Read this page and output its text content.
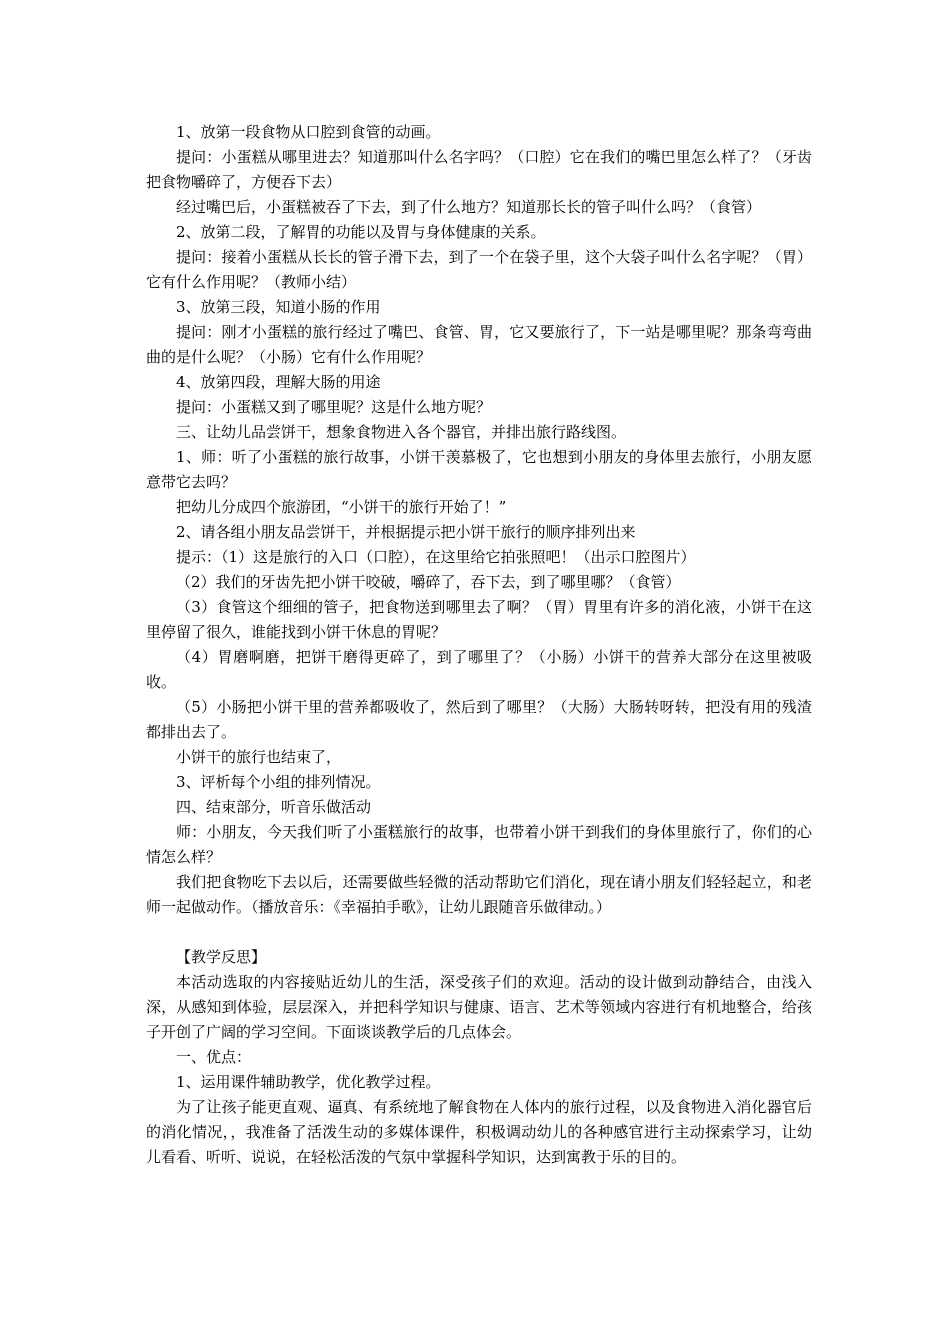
1、放第一段食物从口腔到食管的动画。

提问：小蛋糕从哪里进去？知道那叫什么名字吗？（口腔）它在我们的嘴巴里怎么样了？（牙齿把食物嚼碎了，方便吞下去）

经过嘴巴后，小蛋糕被吞了下去，到了什么地方？知道那长长的管子叫什么吗？（食管）

2、放第二段，了解胃的功能以及胃与身体健康的关系。

提问：接着小蛋糕从长长的管子滑下去，到了一个在袋子里，这个大袋子叫什么名字呢？（胃）它有什么作用呢？（教师小结）

3、放第三段，知道小肠的作用

提问：刚才小蛋糕的旅行经过了嘴巴、食管、胃，它又要旅行了，下一站是哪里呢？那条弯弯曲曲的是什么呢？（小肠）它有什么作用呢？

4、放第四段，理解大肠的用途

提问：小蛋糕又到了哪里呢？这是什么地方呢？

三、让幼儿品尝饼干，想象食物进入各个器官，并排出旅行路线图。

1、师：听了小蛋糕的旅行故事，小饼干羡慕极了，它也想到小朋友的身体里去旅行，小朋友愿意带它去吗？

把幼儿分成四个旅游团，“小饼干的旅行开始了！”

2、请各组小朋友品尝饼干，并根据提示把小饼干旅行的顺序排列出来

提示：（1）这是旅行的入口（口腔），在这里给它拍张照吧！（出示口腔图片）

（2）我们的牙齿先把小饼干咬破，嚼碎了，吞下去，到了哪里哪？（食管）

（3）食管这个细细的管子，把食物送到哪里去了啊？（胃）胃里有许多的消化液，小饼干在这里停留了很久，谁能找到小饼干休息的胃呢？

（4）胃磨啊磨，把饼干磨得更碎了，到了哪里了？（小肠）小饼干的营养大部分在这里被吸收。

（5）小肠把小饼干里的营养都吸收了，然后到了哪里？（大肠）大肠转呀转，把没有用的残渣都排出去了。

小饼干的旅行也结束了，

3、评析每个小组的排列情况。

四、结束部分，听音乐做活动

师：小朋友，今天我们听了小蛋糕旅行的故事，也带着小饼干到我们的身体里旅行了，你们的心情怎么样？

我们把食物吃下去以后，还需要做些轻微的活动帮助它们消化，现在请小朋友们轻轻起立，和老师一起做动作。（播放音乐：《幸福拍手歌》，让幼儿跟随音乐做律动。）

【教学反思】

本活动选取的内容接贴近幼儿的生活，深受孩子们的欢迎。活动的设计做到动静结合，由浅入深，从感知到体验，层层深入，并把科学知识与健康、语言、艺术等领域内容进行有机地整合，给孩子开创了广阔的学习空间。下面谈谈教学后的几点体会。

一、优点：

1、运用课件辅助教学，优化教学过程。

为了让孩子能更直观、逼真、有系统地了解食物在人体内的旅行过程，以及食物进入消化器官后的消化情况，，我准备了活泼生动的多媒体课件，积极调动幼儿的各种感官进行主动探索学习，让幼儿看看、听听、说说，在轻松活泼的气氛中掌握科学知识，达到寓教于乐的目的。
